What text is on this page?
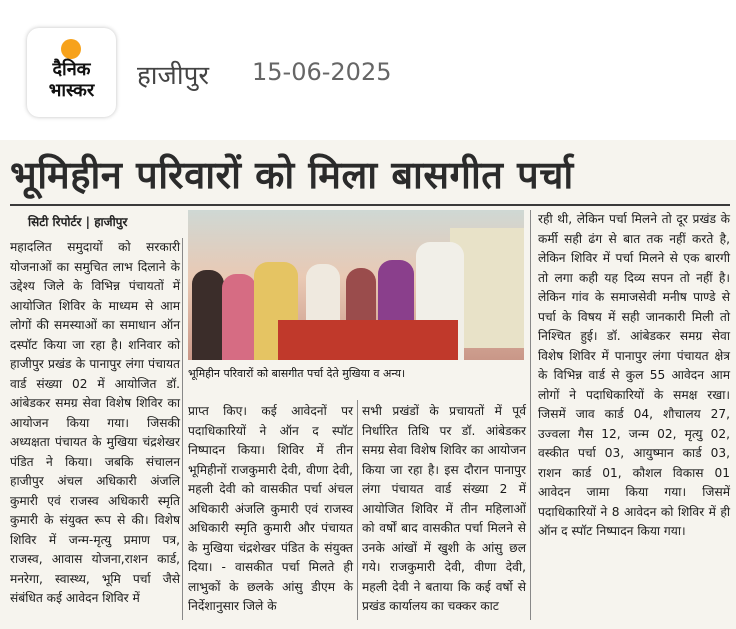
दैनिक
भास्कर	हाजीपुर 15-06-2025
भूमिहीन परिवारों को मिला बासगीत पर्चा
सिटी रिपोर्टर | हाजीपुर
भूमिहीन परिवारों को बासगीत पर्चा देते मुखिया व अन्य।
महादलित समुदायों को सरकारी योजनाओं का समुचित लाभ दिलाने के उद्देश्य जिले के विभिन्न पंचायतों में आयोजित शिविर के माध्यम से आम लोगों की समस्याओं का समाधान ऑन दस्पॉट किया जा रहा है। शनिवार को हाजीपुर प्रखंड के पानापुर लंगा पंचायत वार्ड संख्या 02 में आयोजित डॉ. आंबेडकर समग्र सेवा विशेष शिविर का आयोजन किया गया। जिसकी अध्यक्षता पंचायत के मुखिया चंद्रशेखर पंडित ने किया। जबकि संचालन हाजीपुर अंचल अधिकारी अंजलि कुमारी एवं राजस्व अधिकारी स्मृति कुमारी के संयुक्त रूप से की। विशेष शिविर में जन्म-मृत्यु प्रमाण पत्र, राजस्व, आवास योजना,राशन कार्ड, मनरेगा, स्वास्थ्य, भूमि पर्चा जैसे संबंधित कई आवेदन शिविर में
प्राप्त किए। कई आवेदनों पर पदाधिकारियों ने ऑन द स्पॉट निष्पादन किया। शिविर में तीन भूमिहीनों राजकुमारी देवी, वीणा देवी, महली देवी को वासकीत पर्चा अंचल अधिकारी अंजलि कुमारी एवं राजस्व अधिकारी स्मृति कुमारी और पंचायत के मुखिया चंद्रशेखर पंडित के संयुक्त दिया। - वासकीत पर्चा मिलते ही लाभुकों के छलके आंसु डीएम के निर्देशानुसार जिले के
सभी प्रखंडों के प्रचायतों में पूर्व निर्धारित तिथि पर डॉ. आंबेडकर समग्र सेवा विशेष शिविर का आयोजन किया जा रहा है। इस दौरान पानापुर लंगा पंचायत वार्ड संख्या 2 में आयोजित शिविर में तीन महिलाओं को वर्षों बाद वासकीत पर्चा मिलने से उनके आंखों में खुशी के आंसु छल गये। राजकुमारी देवी, वीणा देवी, महली देवी ने बताया कि कई वर्षो से प्रखंड कार्यालय का चक्कर काट
रही थी, लेकिन पर्चा मिलने तो दूर प्रखंड के कर्मी सही ढंग से बात तक नहीं करते है, लेकिन शिविर में पर्चा मिलने से एक बारगी तो लगा कही यह दिव्य सपन तो नहीं है। लेकिन गांव के समाजसेवी मनीष पाण्डे से पर्चा के विषय में सही जानकारी मिली तो निश्चित हुई। डॉ. आंबेडकर समग्र सेवा विशेष शिविर में पानापुर लंगा पंचायत क्षेत्र के विभिन्न वार्ड से कुल 55 आवेदन आम लोगों ने पदाधिकारियों के समक्ष रखा। जिसमें जाव कार्ड 04, शौचालय 27, उज्वला गैस 12, जन्म 02, मृत्यु 02, वस्कीत पर्चा 03, आयुष्मान कार्ड 03, राशन कार्ड 01, कौशल विकास 01 आवेदन जामा किया गया। जिसमें पदाधिकारियों ने 8 आवेदन को शिविर में ही ऑन द स्पॉट निष्पादन किया गया।
